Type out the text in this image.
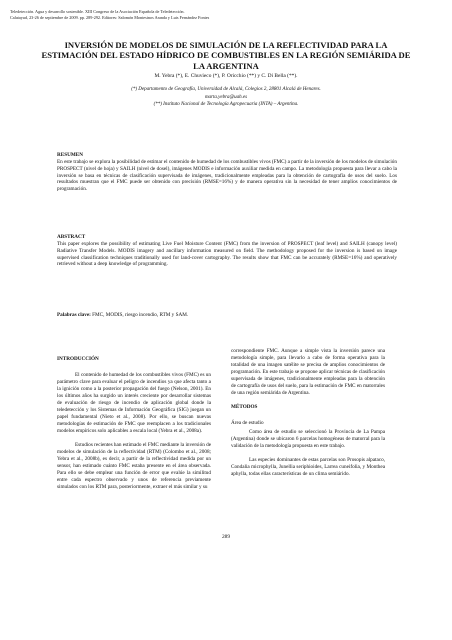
Teledetección. Agua y desarrollo sostenible. XIII Congreso de la Asociación Española de Teledetección.
Calatayud, 23-26 de septiembre de 2009. pp. 289-292. Editores: Salomón Montesinos Aranda y Luis Fernández Fontes
INVERSIÓN DE MODELOS DE SIMULACIÓN DE LA REFLECTIVIDAD PARA LA ESTIMACIÓN DEL ESTADO HÍDRICO DE COMBUSTIBLES EN LA REGIÓN SEMIÁRIDA DE LA ARGENTINA
M. Yebra (*), E. Chuvieco (*), P. Oricchio (**) y C. Di Bella (**).
(*) Departamento de Geografía, Universidad de Alcalá, Colegios 2, 28801 Alcalá de Henares.
marta.yebra@uah.es
(**) Instituto Nacional de Tecnología Agropecuaria (INTA) – Argentina.
RESUMEN
En este trabajo se explora la posibilidad de estimar el contenido de humedad de los combustibles vivos (FMC) a partir de la inversión de los modelos de simulación PROSPECT (nivel de hoja) y SAILH (nivel de dosel), imágenes MODIS e información auxiliar medida en campo. La metodología propuesta para llevar a cabo la inversión se basa en técnicas de clasificación supervisada de imágenes, tradicionalmente empleadas para la obtención de cartografía de usos del suelo. Los resultados muestran que el FMC puede ser obtenido con precisión (RMSE=16%) y de manera operativa sin la necesidad de tener amplios conocimientos de programación.
ABSTRACT
This paper explores the possibility of estimating Live Fuel Moisture Content (FMC) from the inversion of PROSPECT (leaf level) and SAILH (canopy level) Radiative Transfer Models. MODIS imagery and ancillary information measured on field. The methodology proposed for the inversion is based on image supervised classification techniques traditionally used for land-cover cartography. The results show that FMC can be accurately (RMSE=16%) and operatively retrieved without a deep knowledge of programming.
Palabras clave: FMC, MODIS, riesgo incendio, RTM y SAM.
INTRODUCCIÓN

El contenido de humedad de los combustibles vivos (FMC) es un parámetro clave para evaluar el peligro de incendios ya que afecta tanto a la ignición como a la posterior propagación del fuego (Nelson, 2001). En los últimos años ha surgido un interés creciente por desarrollar sistemas de evaluación de riesgo de incendio de aplicación global donde la teledetección y los Sistemas de Información Geográfica (SIG) juegan un papel fundamental (Nieto et al., 2008). Por ello, se buscan nuevas metodologías de estimación de FMC que reemplacen a los tradicionales modelos empíricos solo aplicables a escala local (Yebra et al., 2008a).

Estudios recientes han estimado el FMC mediante la inversión de modelos de simulación de la reflectividad (RTM) (Colombo et al., 2008; Yebra et al., 2008b), es decir, a partir de la reflectividad medida por un sensor, han estimado cuánto FMC estaba presente en el área observada. Para ello se debe emplear una función de error que evalúe la similitud entre cada espectro observado y unos de referencia previamente simulados con los RTM para, posteriormente, extraer el más similar y su

correspondiente FMC. Aunque a simple vista la inversión parece una metodología simple, para llevarlo a cabo de forma operativa para la totalidad de una imagen satélite se precisa de amplios conocimientos de programación. En este trabajo se propone aplicar técnicas de clasificación supervisada de imágenes, tradicionalmente empleadas para la obtención de cartografía de usos del suelo, para la estimación de FMC en matorrales de una región semiárida de Argentina.

MÉTODOS
Área de estudio

Como área de estudio se seleccionó la Provincia de La Pampa (Argentina) donde se ubicaron 6 parcelas homogéneas de matorral para la validación de la metodología propuesta en este trabajo.

Las especies dominantes de estas parcelas son Prosopis alpataco, Condalia microphylla, Junellia seriphioides, Larrea cuneifolia, y Monthea aphylla, todas ellas características de un clima semiárido.

289
